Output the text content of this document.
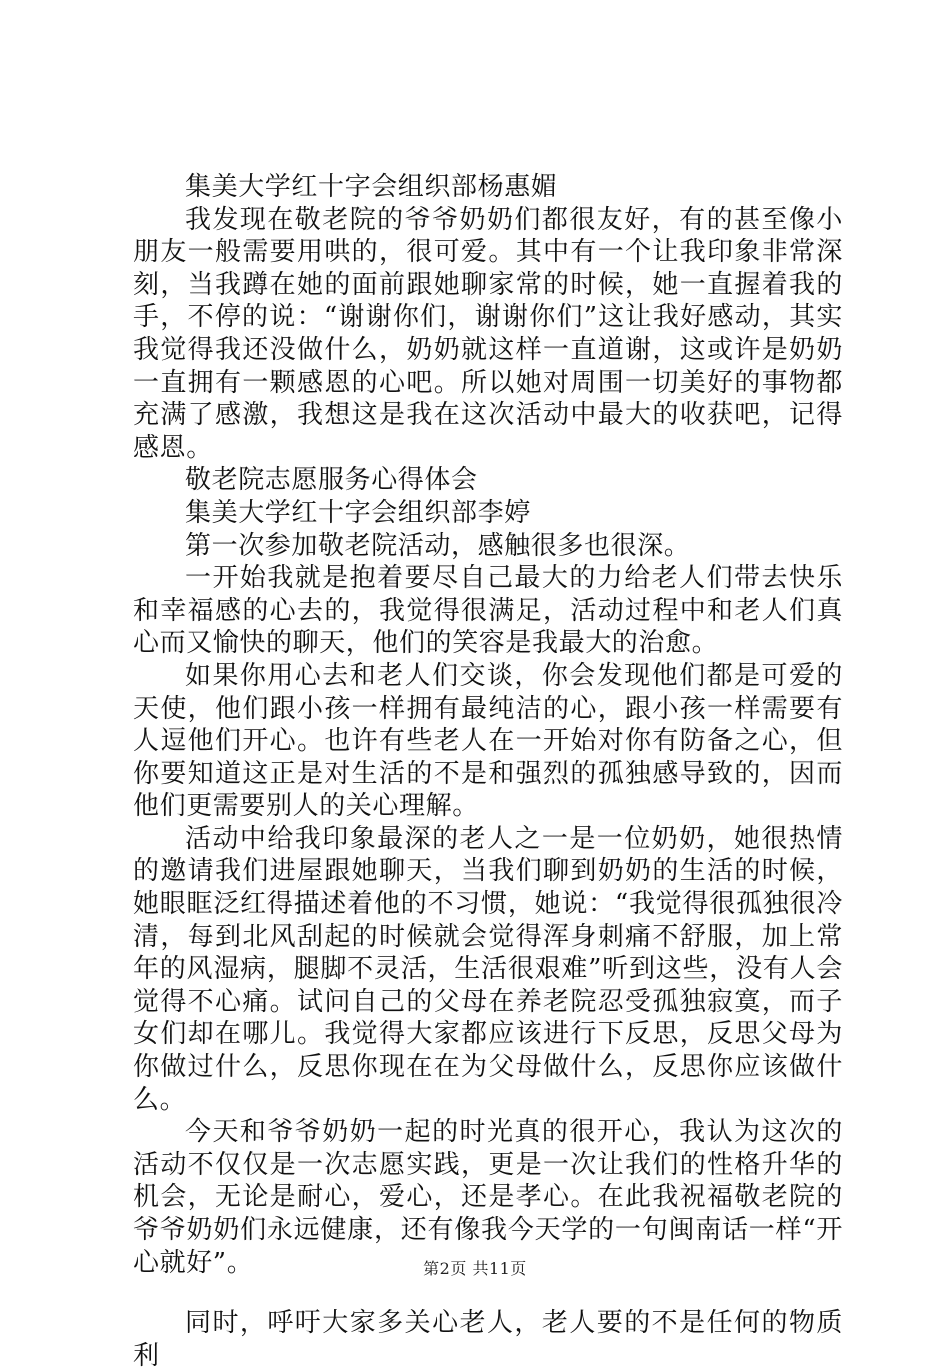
集美大学红十字会组织部杨惠媚

我发现在敬老院的爷爷奶奶们都很友好，有的甚至像小朋友一般需要用哄的，很可爱。其中有一个让我印象非常深刻，当我蹲在她的面前跟她聊家常的时候，她一直握着我的手，不停的说：“谢谢你们，谢谢你们”这让我好感动，其实我觉得我还没做什么，奶奶就这样一直道谢，这或许是奶奶一直拥有一颗感恩的心吧。所以她对周围一切美好的事物都充满了感激，我想这是我在这次活动中最大的收获吧，记得感恩。

敬老院志愿服务心得体会

集美大学红十字会组织部李婷

第一次参加敬老院活动，感触很多也很深。

一开始我就是抱着要尽自己最大的力给老人们带去快乐和幸福感的心去的，我觉得很满足，活动过程中和老人们真心而又愉快的聊天，他们的笑容是我最大的治愈。

如果你用心去和老人们交谈，你会发现他们都是可爱的天使，他们跟小孩一样拥有最纯洁的心，跟小孩一样需要有人逗他们开心。也许有些老人在一开始对你有防备之心，但你要知道这正是对生活的不是和强烈的孤独感导致的，因而他们更需要别人的关心理解。

活动中给我印象最深的老人之一是一位奶奶，她很热情的邀请我们进屋跟她聊天，当我们聊到奶奶的生活的时候，她眼眶泛红得描述着他的不习惯，她说：“我觉得很孤独很冷清，每到北风刮起的时候就会觉得浑身刺痛不舒服，加上常年的风湿病，腿脚不灵活，生活很艰难”听到这些，没有人会觉得不心痛。试问自己的父母在养老院忍受孤独寂寞，而子女们却在哪儿。我觉得大家都应该进行下反思，反思父母为你做过什么，反思你现在在为父母做什么，反思你应该做什么。

今天和爷爷奶奶一起的时光真的很开心，我认为这次的活动不仅仅是一次志愿实践，更是一次让我们的性格升华的机会，无论是耐心，爱心，还是孝心。在此我祝福敬老院的爷爷奶奶们永远健康，还有像我今天学的一句闽南话一样“开心就好”。

同时，呼吁大家多关心老人，老人要的不是任何的物质利

第2页 共11页
